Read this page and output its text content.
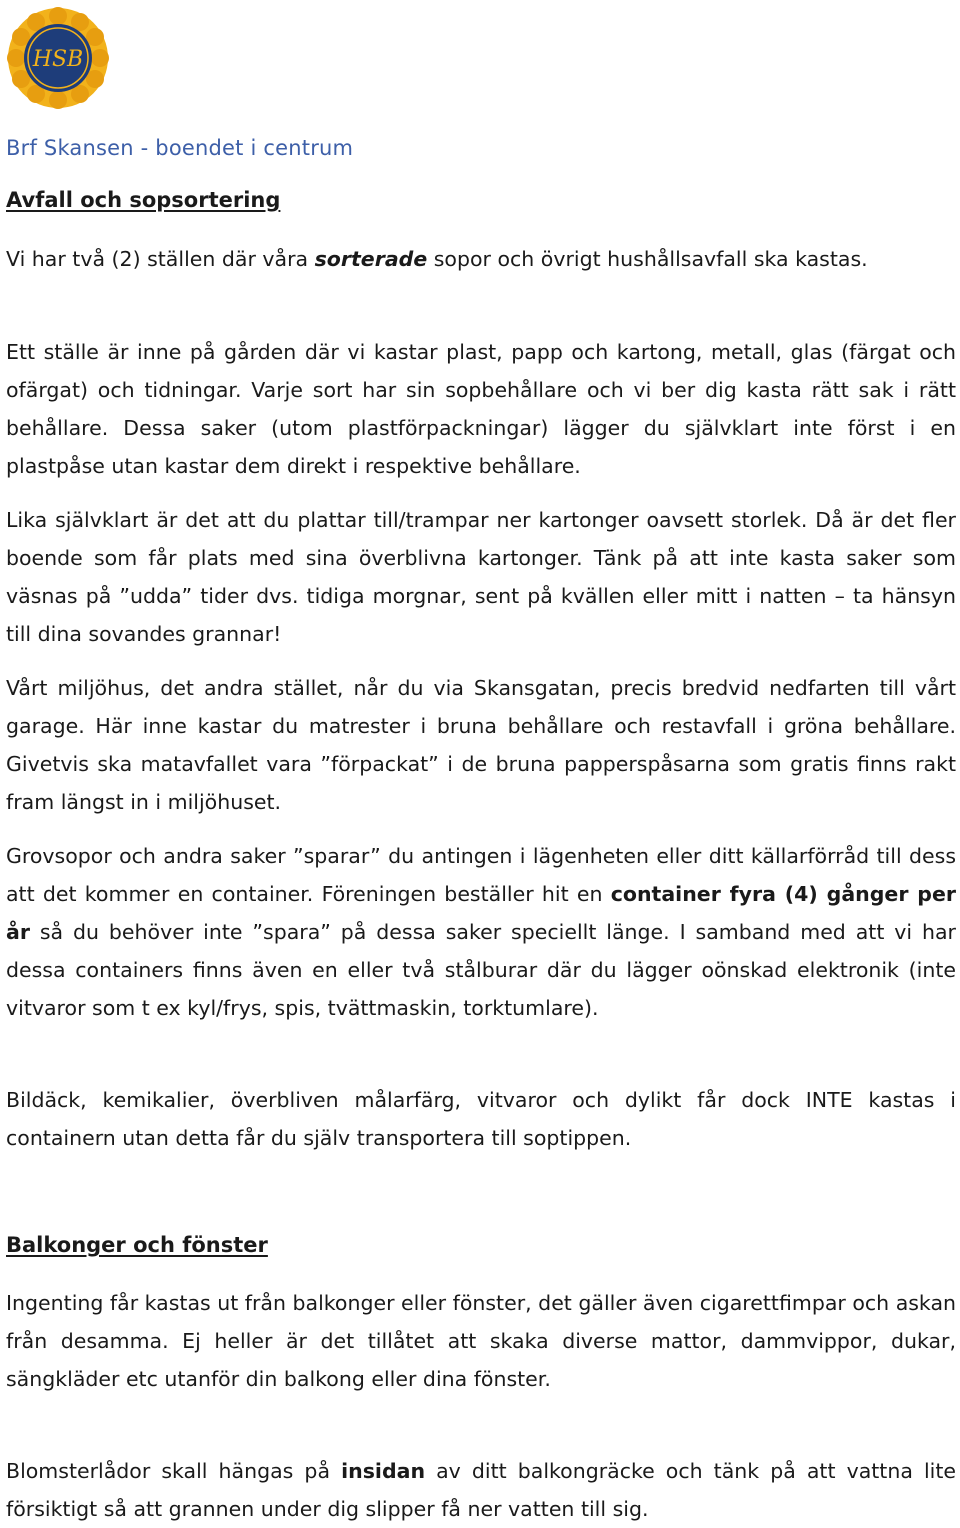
HSB
Brf Skansen - boendet i centrum
Avfall och sopsortering
Vi har två (2) ställen där våra sorterade sopor och övrigt hushållsavfall ska kastas.
Ett ställe är inne på gården där vi kastar plast, papp och kartong, metall, glas (färgat och ofärgat) och tidningar. Varje sort har sin sopbehållare och vi ber dig kasta rätt sak i rätt behållare. Dessa saker (utom plastförpackningar) lägger du självklart inte först i en plastpåse utan kastar dem direkt i respektive behållare.
Lika självklart är det att du plattar till/trampar ner kartonger oavsett storlek. Då är det fler boende som får plats med sina överblivna kartonger. Tänk på att inte kasta saker som väsnas på ”udda” tider dvs. tidiga morgnar, sent på kvällen eller mitt i natten – ta hänsyn till dina sovandes grannar!
Vårt miljöhus, det andra stället, når du via Skansgatan, precis bredvid nedfarten till vårt garage. Här inne kastar du matrester i bruna behållare och restavfall i gröna behållare. Givetvis ska matavfallet vara ”förpackat” i de bruna papperspåsarna som gratis finns rakt fram längst in i miljöhuset.
Grovsopor och andra saker ”sparar” du antingen i lägenheten eller ditt källarförråd till dess att det kommer en container. Föreningen beställer hit en container fyra (4) gånger per år så du behöver inte ”spara” på dessa saker speciellt länge. I samband med att vi har dessa containers finns även en eller två stålburar där du lägger oönskad elektronik (inte vitvaror som t ex kyl/frys, spis, tvättmaskin, torktumlare).
Bildäck, kemikalier, överbliven målarfärg, vitvaror och dylikt får dock INTE kastas i containern utan detta får du själv transportera till soptippen.
Balkonger och fönster
Ingenting får kastas ut från balkonger eller fönster, det gäller även cigarettfimpar och askan från desamma. Ej heller är det tillåtet att skaka diverse mattor, dammvippor, dukar, sängkläder etc utanför din balkong eller dina fönster.
Blomsterlådor skall hängas på insidan av ditt balkongräcke och tänk på att vattna lite försiktigt så att grannen under dig slipper få ner vatten till sig.
